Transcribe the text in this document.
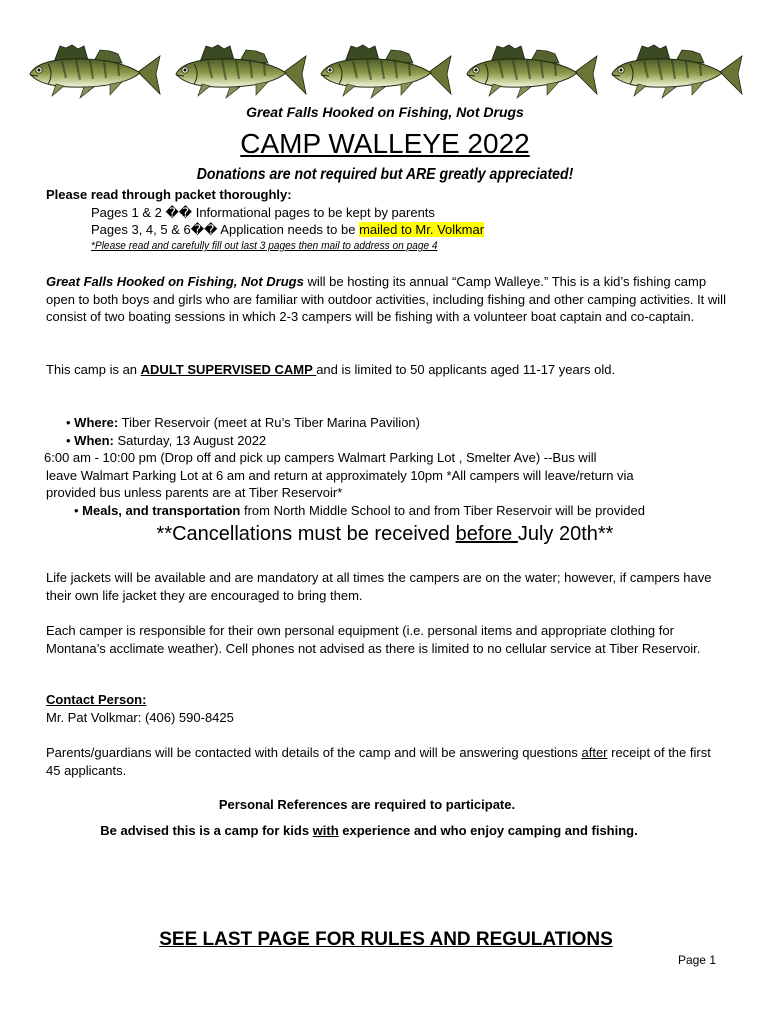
Great Falls Hooked on Fishing, Not Drugs
CAMP WALLEYE 2022
Donations are not required but ARE greatly appreciated!
Please read through packet thoroughly:
Pages 1 & 2 �� Informational pages to be kept by parents
Pages 3, 4, 5 & 6�� Application needs to be mailed to Mr. Volkmar
*Please read and carefully fill out last 3 pages then mail to address on page 4
Great Falls Hooked on Fishing, Not Drugs will be hosting its annual “Camp Walleye.” This is a kid’s fishing camp open to both boys and girls who are familiar with outdoor activities, including fishing and other camping activities. It will consist of two boating sessions in which 2-3 campers will be fishing with a volunteer boat captain and co-captain.
This camp is an ADULT SUPERVISED CAMP and is limited to 50 applicants aged 11-17 years old.
• Where: Tiber Reservoir (meet at Ru’s Tiber Marina Pavilion)
• When: Saturday, 13 August 2022
6:00 am - 10:00 pm (Drop off and pick up campers Walmart Parking Lot , Smelter Ave) --Bus will
leave Walmart Parking Lot at 6 am and return at approximately 10pm *All campers will leave/return via
provided bus unless parents are at Tiber Reservoir*
• Meals, and transportation from North Middle School to and from Tiber Reservoir will be provided
**Cancellations must be received before July 20th**
Life jackets will be available and are mandatory at all times the campers are on the water; however, if campers have their own life jacket they are encouraged to bring them.
Each camper is responsible for their own personal equipment (i.e. personal items and appropriate clothing for Montana’s acclimate weather). Cell phones not advised as there is limited to no cellular service at Tiber Reservoir.
Contact Person:
Mr. Pat Volkmar: (406) 590-8425
Parents/guardians will be contacted with details of the camp and will be answering questions after receipt of the first 45 applicants.
Personal References are required to participate.
Be advised this is a camp for kids with experience and who enjoy camping and fishing.
SEE LAST PAGE FOR RULES AND REGULATIONS
Page 1
